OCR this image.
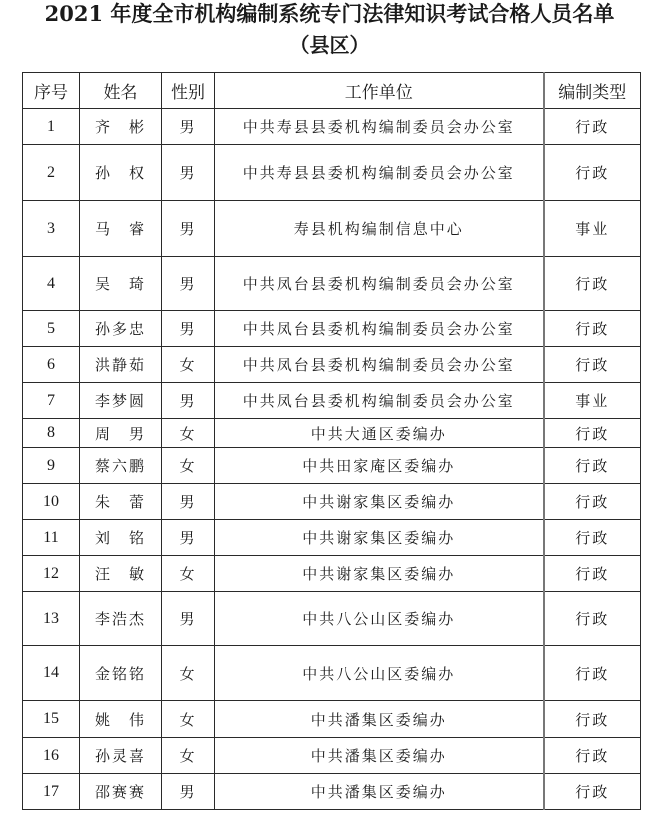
2021 年度全市机构编制系统专门法律知识考试合格人员名单
（县区）
序号	姓名	性别	工作单位	编制类型
1	齐　彬	男	中共寿县县委机构编制委员会办公室	行政
2	孙　权	男	中共寿县县委机构编制委员会办公室	行政
3	马　睿	男	寿县机构编制信息中心	事业
4	吴　琦	男	中共凤台县委机构编制委员会办公室	行政
5	孙多忠	男	中共凤台县委机构编制委员会办公室	行政
6	洪静茹	女	中共凤台县委机构编制委员会办公室	行政
7	李梦圆	男	中共凤台县委机构编制委员会办公室	事业
8	周　男	女	中共大通区委编办	行政
9	蔡六鹏	女	中共田家庵区委编办	行政
10	朱　蕾	男	中共谢家集区委编办	行政
11	刘　铭	男	中共谢家集区委编办	行政
12	汪　敏	女	中共谢家集区委编办	行政
13	李浩杰	男	中共八公山区委编办	行政
14	金铭铭	女	中共八公山区委编办	行政
15	姚　伟	女	中共潘集区委编办	行政
16	孙灵喜	女	中共潘集区委编办	行政
17	邵赛赛	男	中共潘集区委编办	行政
